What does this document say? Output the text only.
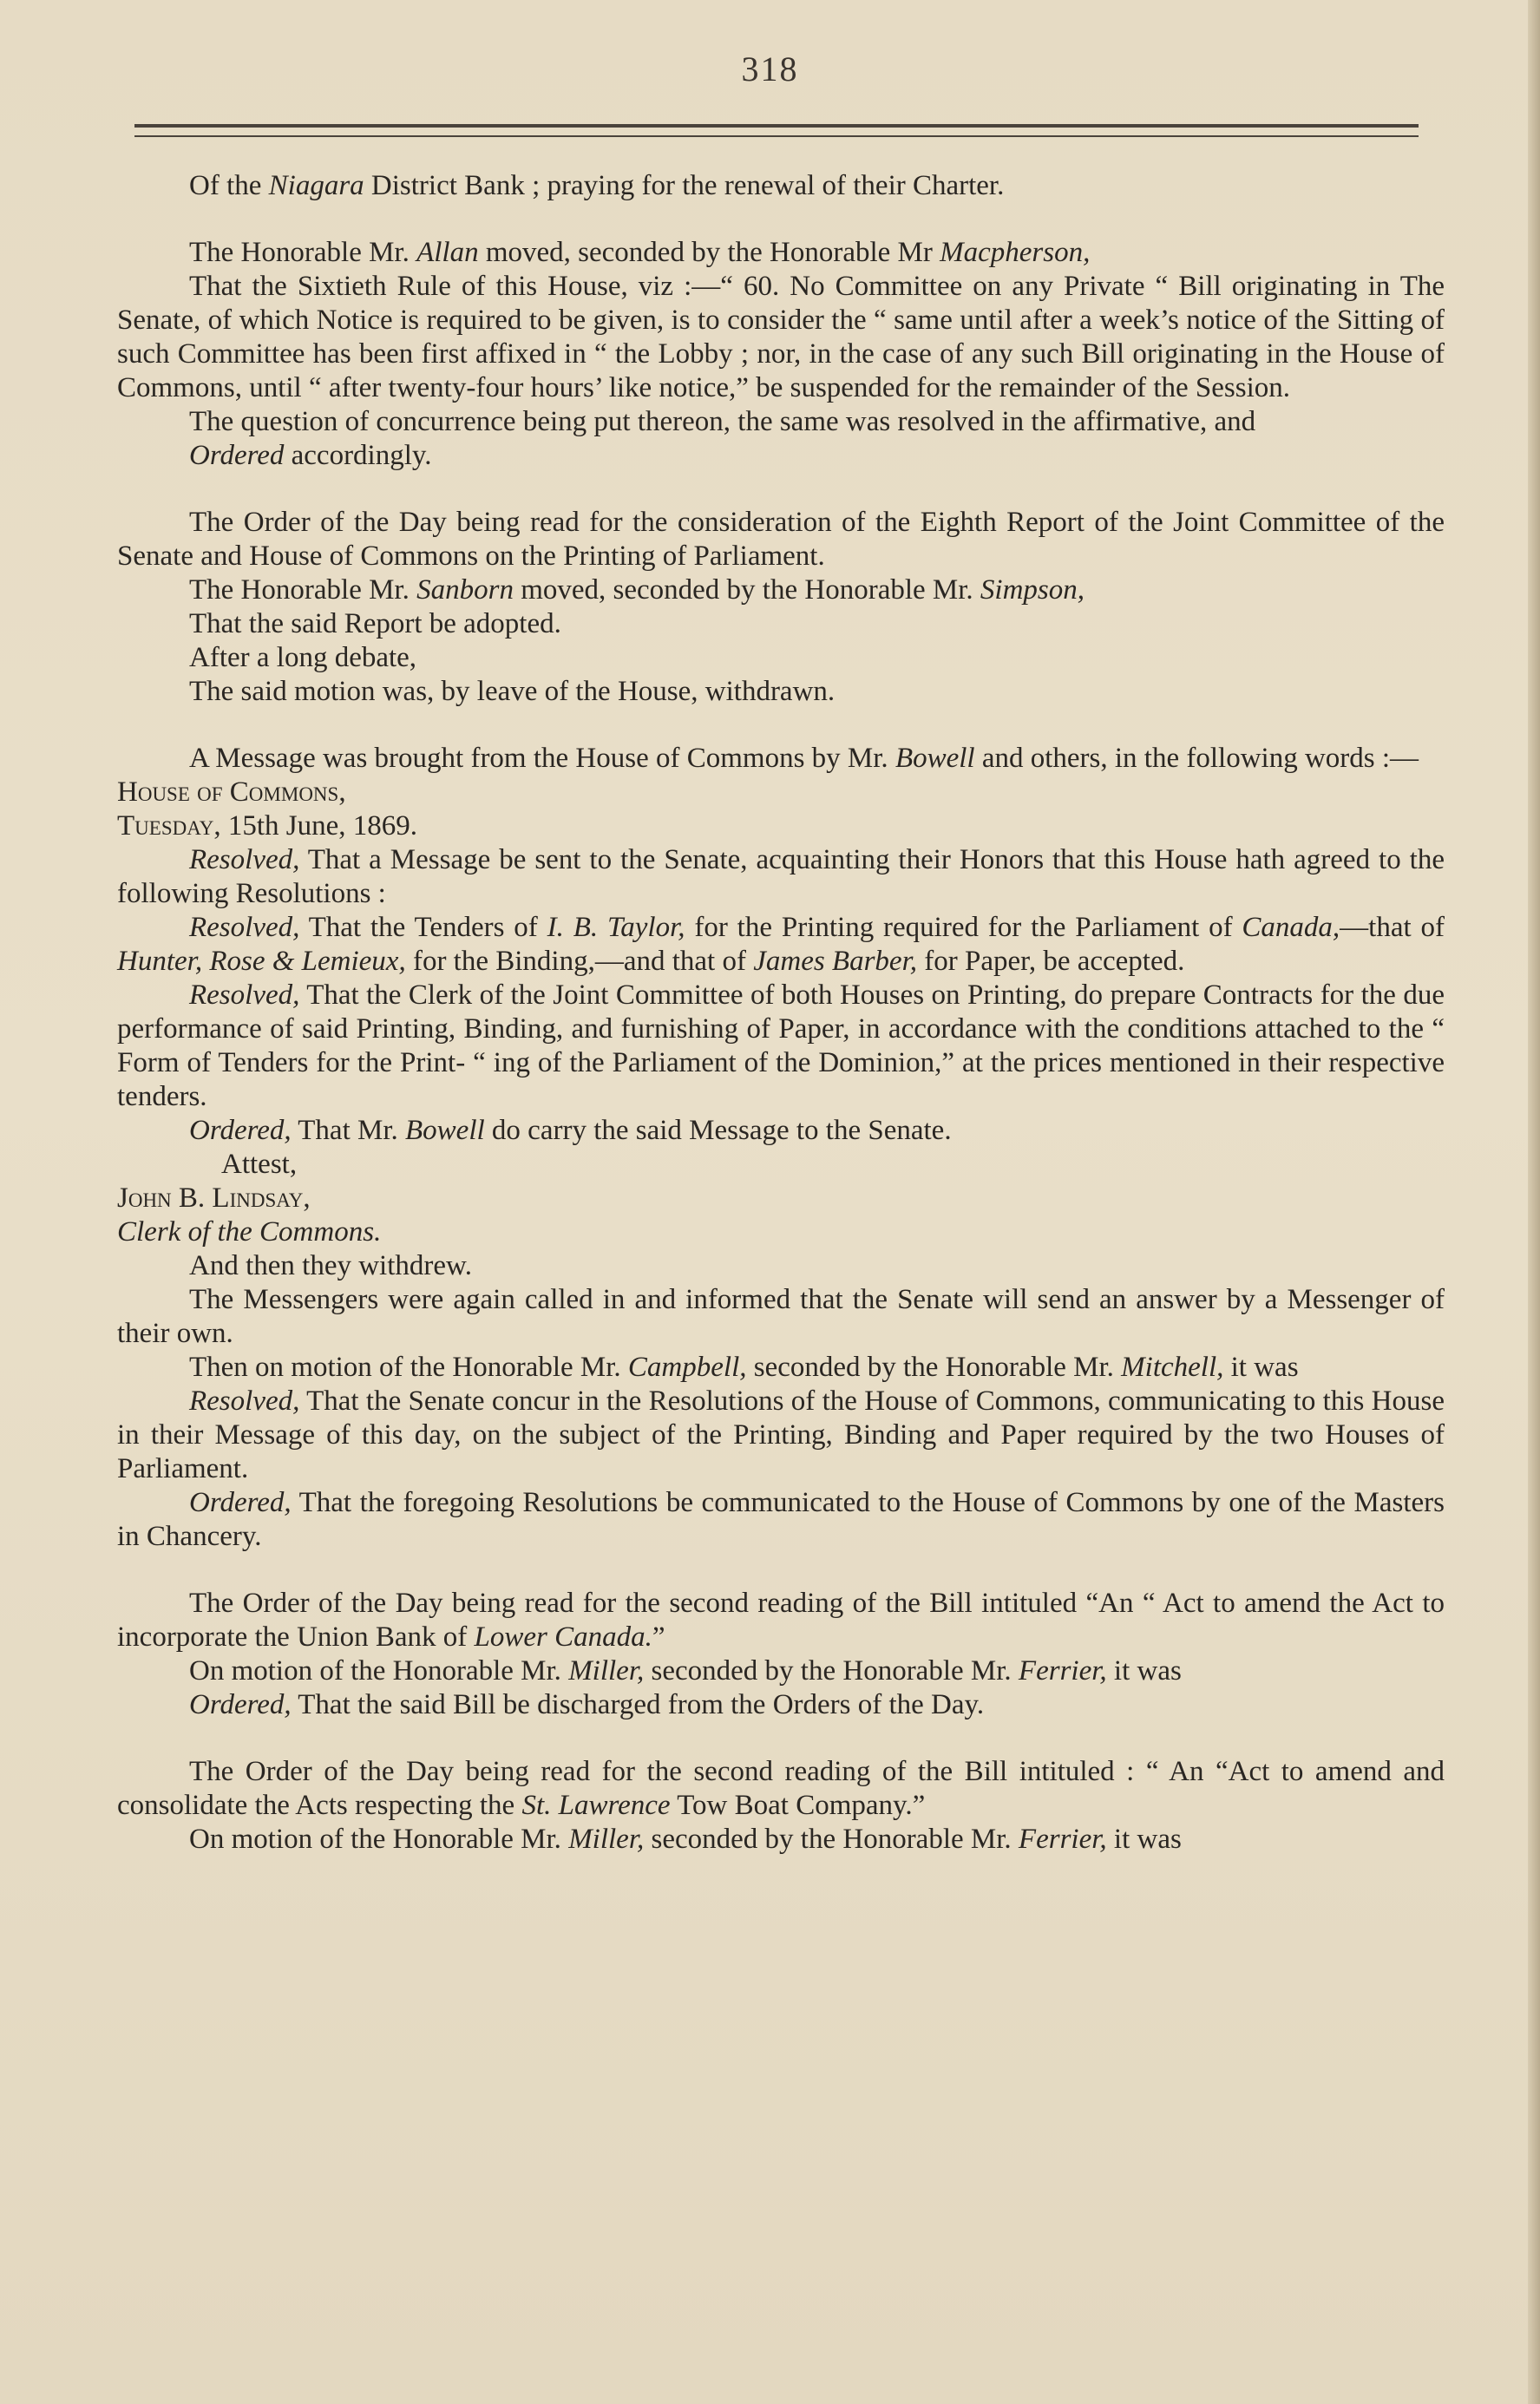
318

Of the Niagara District Bank ; praying for the renewal of their Charter.

The Honorable Mr. Allan moved, seconded by the Honorable Mr Macpherson,

That the Sixtieth Rule of this House, viz :—“ 60. No Committee on any Private “ Bill originating in The Senate, of which Notice is required to be given, is to consider the “ same until after a week’s notice of the Sitting of such Committee has been first affixed in “ the Lobby ; nor, in the case of any such Bill originating in the House of Commons, until “ after twenty-four hours’ like notice,” be suspended for the remainder of the Session.

The question of concurrence being put thereon, the same was resolved in the affirmative, and

Ordered accordingly.

The Order of the Day being read for the consideration of the Eighth Report of the Joint Committee of the Senate and House of Commons on the Printing of Parliament.

The Honorable Mr. Sanborn moved, seconded by the Honorable Mr. Simpson,

That the said Report be adopted.

After a long debate,

The said motion was, by leave of the House, withdrawn.

A Message was brought from the House of Commons by Mr. Bowell and others, in the following words :—

House of Commons,

Tuesday, 15th June, 1869.

Resolved, That a Message be sent to the Senate, acquainting their Honors that this House hath agreed to the following Resolutions :

Resolved, That the Tenders of I. B. Taylor, for the Printing required for the Parliament of Canada,—that of Hunter, Rose & Lemieux, for the Binding,—and that of James Barber, for Paper, be accepted.

Resolved, That the Clerk of the Joint Committee of both Houses on Printing, do prepare Contracts for the due performance of said Printing, Binding, and furnishing of Paper, in accordance with the conditions attached to the “ Form of Tenders for the Print- “ ing of the Parliament of the Dominion,” at the prices mentioned in their respective tenders.

Ordered, That Mr. Bowell do carry the said Message to the Senate.

Attest,

John B. Lindsay,

Clerk of the Commons.

And then they withdrew.

The Messengers were again called in and informed that the Senate will send an answer by a Messenger of their own.

Then on motion of the Honorable Mr. Campbell, seconded by the Honorable Mr. Mitchell, it was

Resolved, That the Senate concur in the Resolutions of the House of Commons, communicating to this House in their Message of this day, on the subject of the Printing, Binding and Paper required by the two Houses of Parliament.

Ordered, That the foregoing Resolutions be communicated to the House of Commons by one of the Masters in Chancery.

The Order of the Day being read for the second reading of the Bill intituled “An “ Act to amend the Act to incorporate the Union Bank of Lower Canada.”

On motion of the Honorable Mr. Miller, seconded by the Honorable Mr. Ferrier, it was

Ordered, That the said Bill be discharged from the Orders of the Day.

The Order of the Day being read for the second reading of the Bill intituled : “ An “Act to amend and consolidate the Acts respecting the St. Lawrence Tow Boat Company.”

On motion of the Honorable Mr. Miller, seconded by the Honorable Mr. Ferrier, it was
